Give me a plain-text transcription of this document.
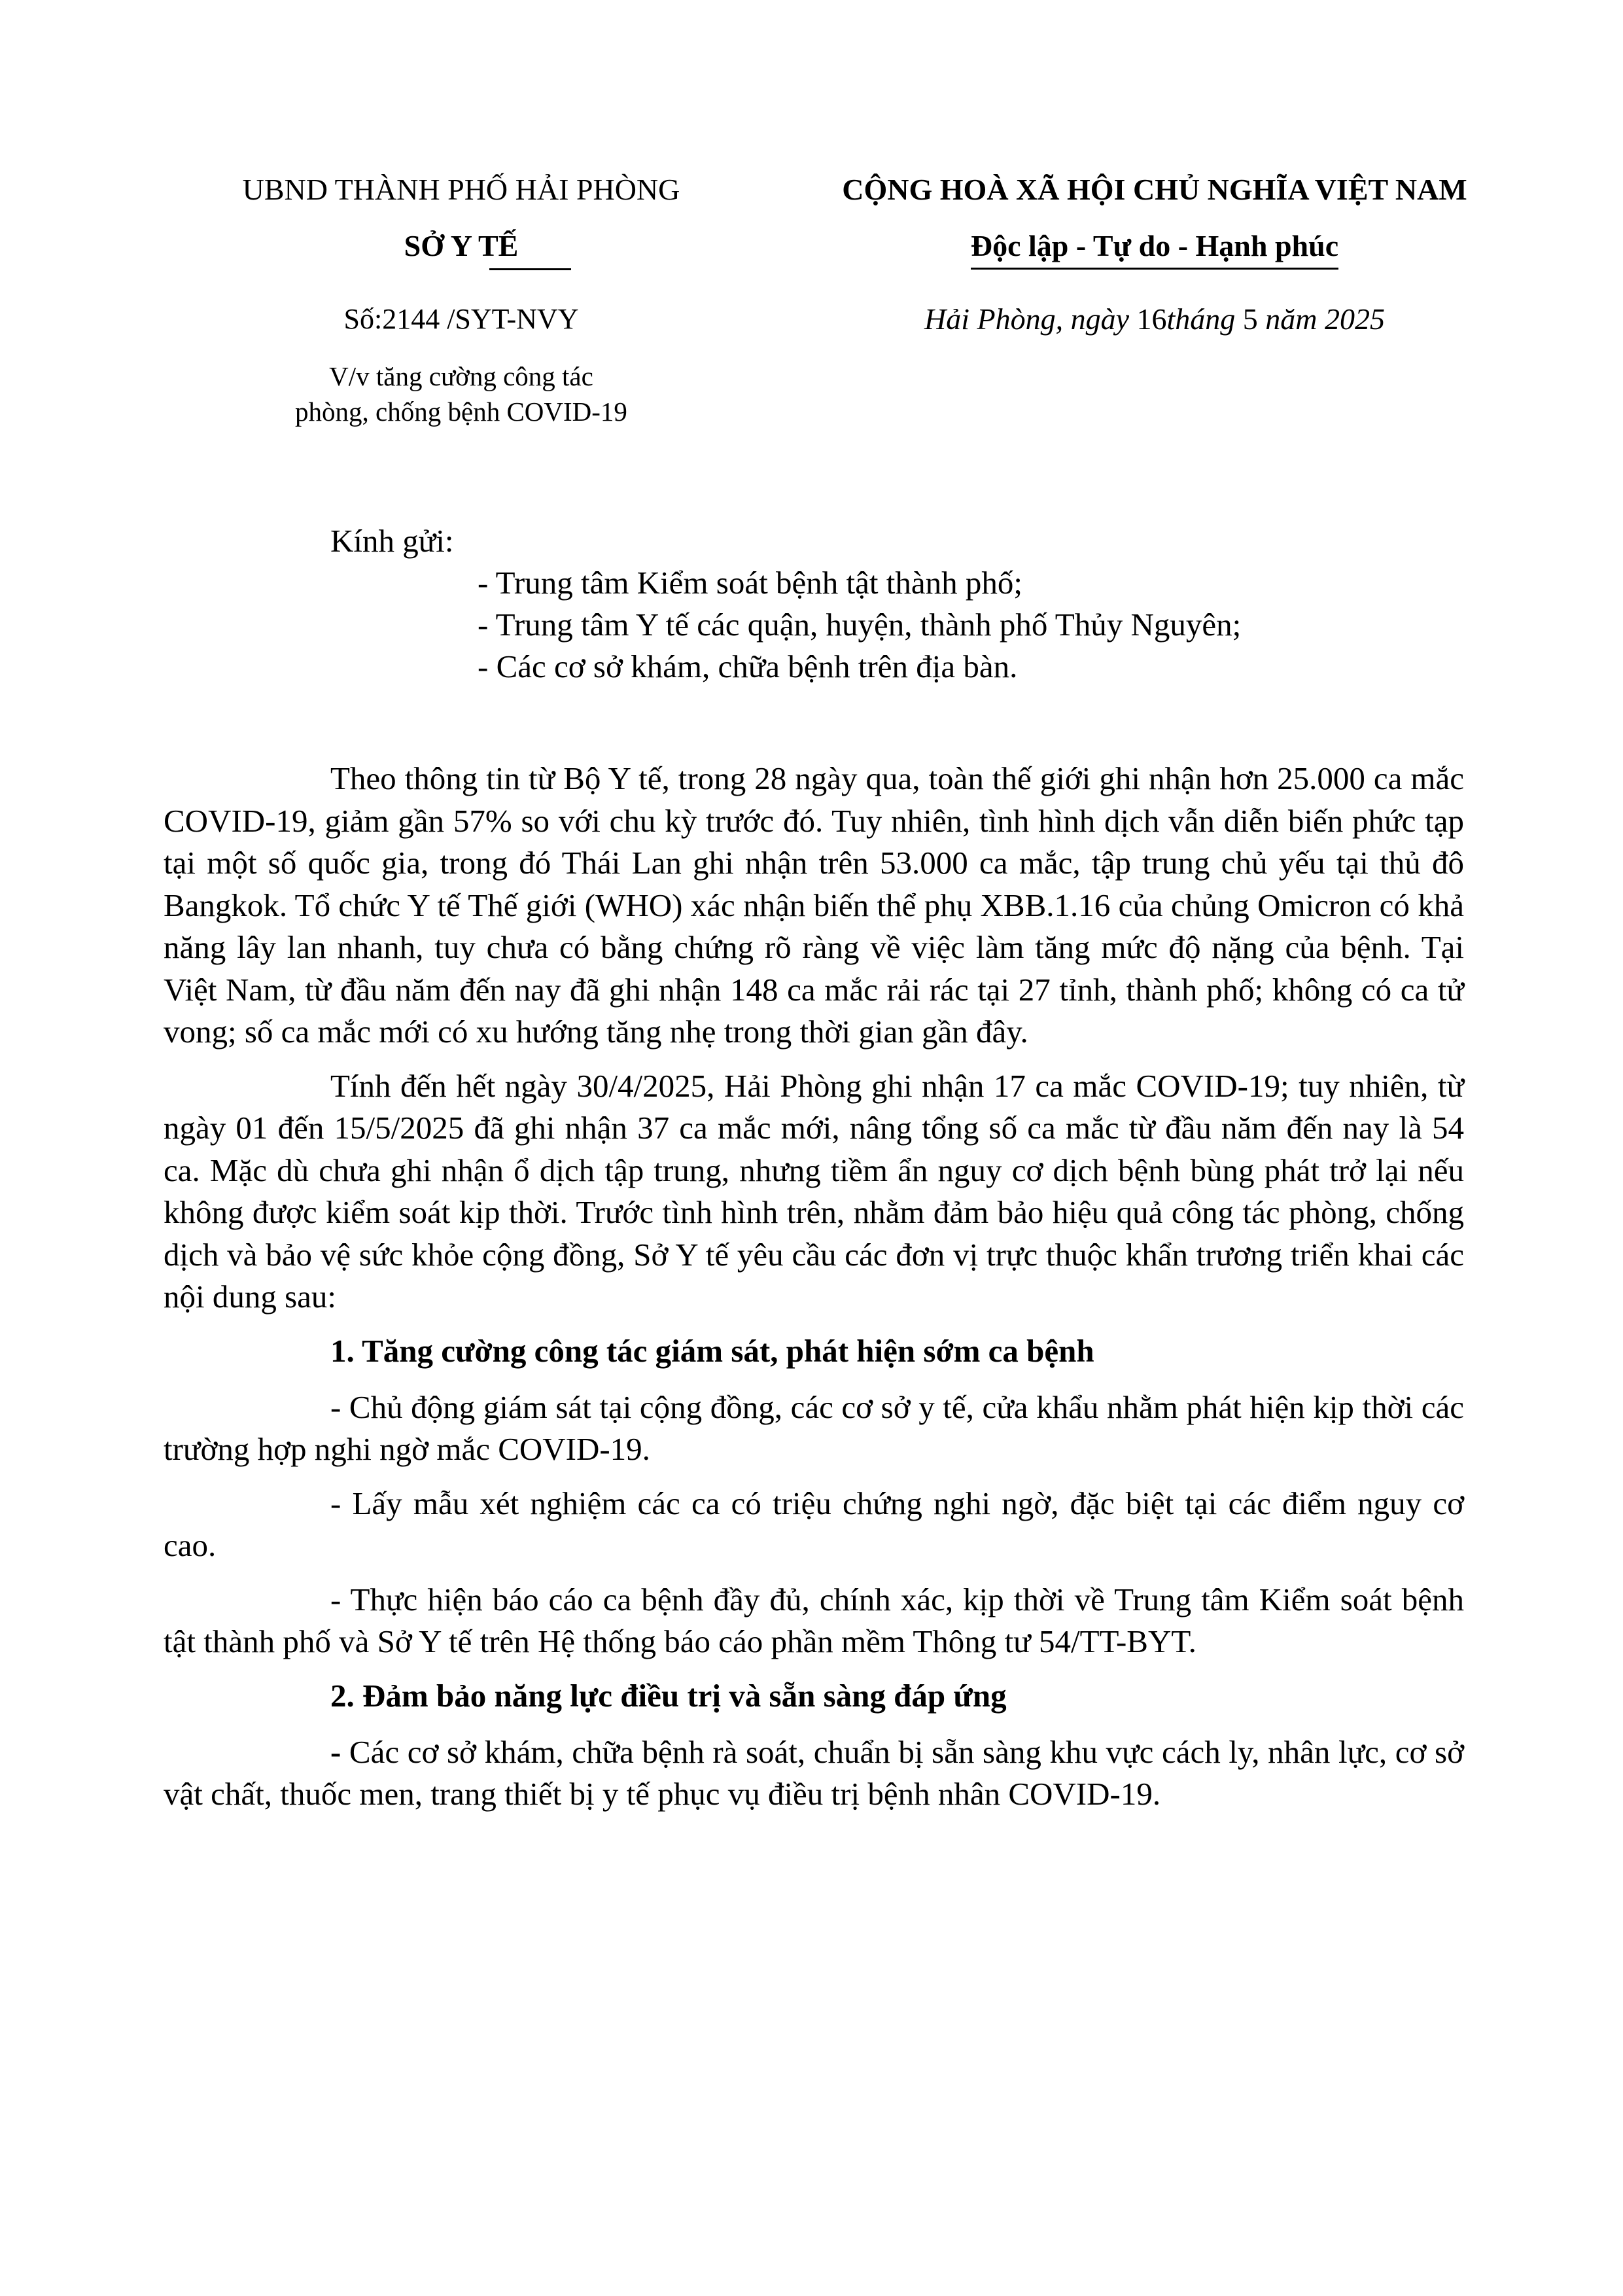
UBND THÀNH PHỐ HẢI PHÒNG
SỞ Y TẾ
CỘNG HOÀ XÃ HỘI CHỦ NGHĨA VIỆT NAM
Độc lập - Tự do - Hạnh phúc
Số:2144 /SYT-NVY	Hải Phòng, ngày 16tháng 5 năm 2025
V/v tăng cường công tác
phòng, chống bệnh COVID-19

Kính gửi:

- Trung tâm Kiểm soát bệnh tật thành phố;

- Trung tâm Y tế các quận, huyện, thành phố Thủy Nguyên;

- Các cơ sở khám, chữa bệnh trên địa bàn.

Theo thông tin từ Bộ Y tế, trong 28 ngày qua, toàn thế giới ghi nhận hơn 25.000 ca mắc COVID-19, giảm gần 57% so với chu kỳ trước đó. Tuy nhiên, tình hình dịch vẫn diễn biến phức tạp tại một số quốc gia, trong đó Thái Lan ghi nhận trên 53.000 ca mắc, tập trung chủ yếu tại thủ đô Bangkok. Tổ chức Y tế Thế giới (WHO) xác nhận biến thể phụ XBB.1.16 của chủng Omicron có khả năng lây lan nhanh, tuy chưa có bằng chứng rõ ràng về việc làm tăng mức độ nặng của bệnh. Tại Việt Nam, từ đầu năm đến nay đã ghi nhận 148 ca mắc rải rác tại 27 tỉnh, thành phố; không có ca tử vong; số ca mắc mới có xu hướng tăng nhẹ trong thời gian gần đây.

Tính đến hết ngày 30/4/2025, Hải Phòng ghi nhận 17 ca mắc COVID-19; tuy nhiên, từ ngày 01 đến 15/5/2025 đã ghi nhận 37 ca mắc mới, nâng tổng số ca mắc từ đầu năm đến nay là 54 ca. Mặc dù chưa ghi nhận ổ dịch tập trung, nhưng tiềm ẩn nguy cơ dịch bệnh bùng phát trở lại nếu không được kiểm soát kịp thời. Trước tình hình trên, nhằm đảm bảo hiệu quả công tác phòng, chống dịch và bảo vệ sức khỏe cộng đồng, Sở Y tế yêu cầu các đơn vị trực thuộc khẩn trương triển khai các nội dung sau:

1. Tăng cường công tác giám sát, phát hiện sớm ca bệnh

- Chủ động giám sát tại cộng đồng, các cơ sở y tế, cửa khẩu nhằm phát hiện kịp thời các trường hợp nghi ngờ mắc COVID-19.

- Lấy mẫu xét nghiệm các ca có triệu chứng nghi ngờ, đặc biệt tại các điểm nguy cơ cao.

- Thực hiện báo cáo ca bệnh đầy đủ, chính xác, kịp thời về Trung tâm Kiểm soát bệnh tật thành phố và Sở Y tế trên Hệ thống báo cáo phần mềm Thông tư 54/TT-BYT.

2. Đảm bảo năng lực điều trị và sẵn sàng đáp ứng

- Các cơ sở khám, chữa bệnh rà soát, chuẩn bị sẵn sàng khu vực cách ly, nhân lực, cơ sở vật chất, thuốc men, trang thiết bị y tế phục vụ điều trị bệnh nhân COVID-19.
